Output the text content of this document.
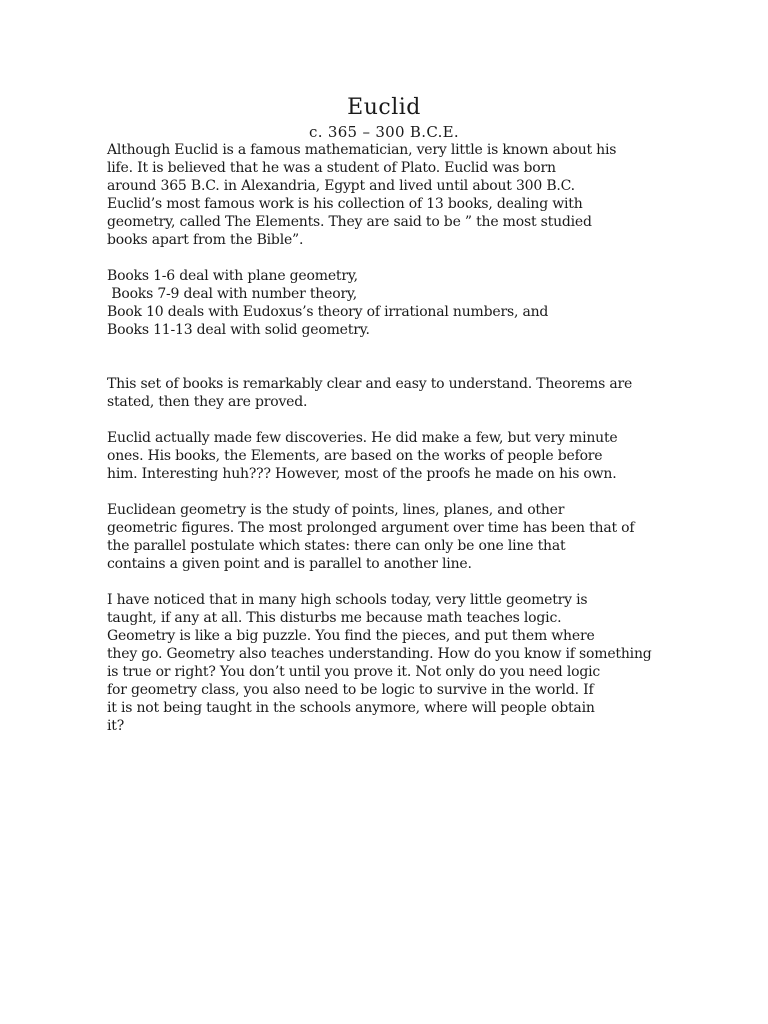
Euclid
c. 365 – 300 B.C.E.
Although Euclid is a famous mathematician, very little is known about his
life. It is believed that he was a student of Plato. Euclid was born
around 365 B.C. in Alexandria, Egypt and lived until about 300 B.C.
Euclid’s most famous work is his collection of 13 books, dealing with
geometry, called The Elements. They are said to be ” the most studied
books apart from the Bible”.
Books 1-6 deal with plane geometry,
Books 7-9 deal with number theory,
Book 10 deals with Eudoxus’s theory of irrational numbers, and
Books 11-13 deal with solid geometry.
This set of books is remarkably clear and easy to understand. Theorems are
stated, then they are proved.
Euclid actually made few discoveries. He did make a few, but very minute
ones. His books, the Elements, are based on the works of people before
him. Interesting huh??? However, most of the proofs he made on his own.
Euclidean geometry is the study of points, lines, planes, and other
geometric figures. The most prolonged argument over time has been that of
the parallel postulate which states: there can only be one line that
contains a given point and is parallel to another line.
I have noticed that in many high schools today, very little geometry is
taught, if any at all. This disturbs me because math teaches logic.
Geometry is like a big puzzle. You find the pieces, and put them where
they go. Geometry also teaches understanding. How do you know if something
is true or right? You don’t until you prove it. Not only do you need logic
for geometry class, you also need to be logic to survive in the world. If
it is not being taught in the schools anymore, where will people obtain
it?
